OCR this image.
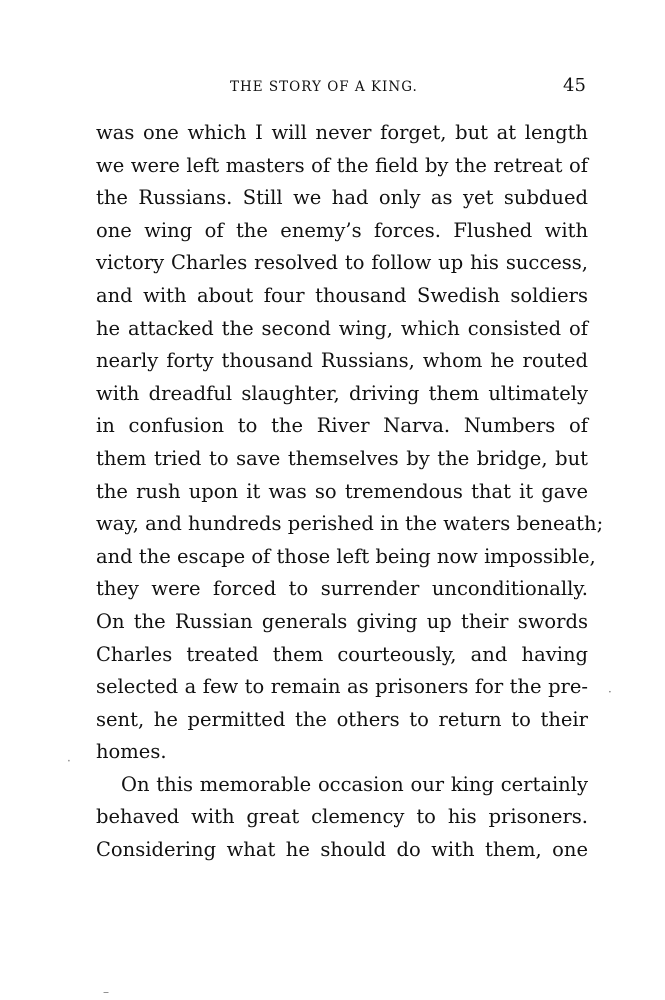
THE STORY OF A KING.	45
was one which I will never forget, but at length
we were left masters of the field by the retreat of
the Russians. Still we had only as yet subdued
one wing of the enemy’s forces. Flushed with
victory Charles resolved to follow up his success,
and with about four thousand Swedish soldiers
he attacked the second wing, which consisted of
nearly forty thousand Russians, whom he routed
with dreadful slaughter, driving them ultimately
in confusion to the River Narva. Numbers of
them tried to save themselves by the bridge, but
the rush upon it was so tremendous that it gave
way, and hundreds perished in the waters beneath;
and the escape of those left being now impossible,
they were forced to surrender unconditionally.
On the Russian generals giving up their swords
Charles treated them courteously, and having
selected a few to remain as prisoners for the pre-
sent, he permitted the others to return to their
homes.
On this memorable occasion our king certainly
behaved with great clemency to his prisoners.
Considering what he should do with them, one
‧
·
–
